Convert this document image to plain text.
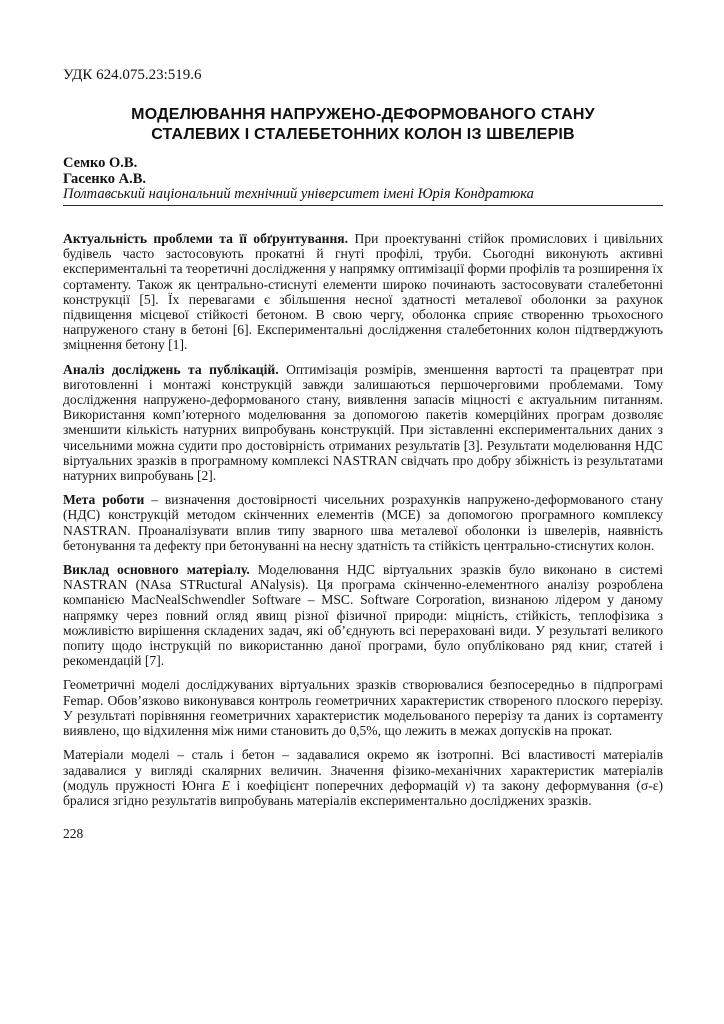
УДК 624.075.23:519.6
МОДЕЛЮВАННЯ НАПРУЖЕНО-ДЕФОРМОВАНОГО СТАНУ
СТАЛЕВИХ І СТАЛЕБЕТОННИХ КОЛОН ІЗ ШВЕЛЕРІВ
Семко О.В.
Гасенко А.В.
Полтавський національний технічний університет імені Юрія Кондратюка

Актуальність проблеми та її обґрунтування. При проектуванні стійок промислових і цивільних будівель часто застосовують прокатні й гнуті профілі, труби. Сьогодні виконують активні експериментальні та теоретичні дослідження у напрямку оптимізації форми профілів та розширення їх сортаменту. Також як центрально-стиснуті елементи широко починають застосовувати сталебетонні конструкції [5]. Їх перевагами є збільшення несної здатності металевої оболонки за рахунок підвищення місцевої стійкості бетоном. В свою чергу, оболонка сприяє створенню трьохосного напруженого стану в бетоні [6]. Експериментальні дослідження сталебетонних колон підтверджують зміцнення бетону [1].

Аналіз досліджень та публікацій. Оптимізація розмірів, зменшення вартості та працевтрат при виготовленні і монтажі конструкцій завжди залишаються першочерговими проблемами. Тому дослідження напружено-деформованого стану, виявлення запасів міцності є актуальним питанням. Використання комп’ютерного моделювання за допомогою пакетів комерційних програм дозволяє зменшити кількість натурних випробувань конструкцій. При зіставленні експериментальних даних з чисельними можна судити про достовірність отриманих результатів [3]. Результати моделювання НДС віртуальних зразків в програмному комплексі NASTRAN свідчать про добру збіжність із результатами натурних випробувань [2].

Мета роботи – визначення достовірності чисельних розрахунків напружено-деформованого стану (НДС) конструкцій методом скінченних елементів (МСЕ) за допомогою програмного комплексу NASTRAN. Проаналізувати вплив типу зварного шва металевої оболонки із швелерів, наявність бетонування та дефекту при бетонуванні на несну здатність та стійкість центрально-стиснутих колон.

Виклад основного матеріалу. Моделювання НДС віртуальних зразків було виконано в системі NASTRAN (NAsa STRuctural ANalysis). Ця програма скінченно-елементного аналізу розроблена компанією MacNealSchwendler Software – MSC. Software Corporation, визнаною лідером у даному напрямку через повний огляд явищ різної фізичної природи: міцність, стійкість, теплофізика з можливістю вирішення складених задач, які об’єднують всі перераховані види. У результаті великого попиту щодо інструкцій по використанню даної програми, було опубліковано ряд книг, статей і рекомендацій [7].

Геометричні моделі досліджуваних віртуальних зразків створювалися безпосередньо в підпрограмі Femap. Обов’язково виконувався контроль геометричних характеристик створеного плоского перерізу. У результаті порівняння геометричних характеристик модельованого перерізу та даних із сортаменту виявлено, що відхилення між ними становить до 0,5%, що лежить в межах допусків на прокат.

Матеріали моделі – сталь і бетон – задавалися окремо як ізотропні. Всі властивості матеріалів задавалися у вигляді скалярних величин. Значення фізико-механічних характеристик матеріалів (модуль пружності Юнга E і коефіцієнт поперечних деформацій v) та закону деформування (σ-ε) бралися згідно результатів випробувань матеріалів експериментально досліджених зразків.

228
